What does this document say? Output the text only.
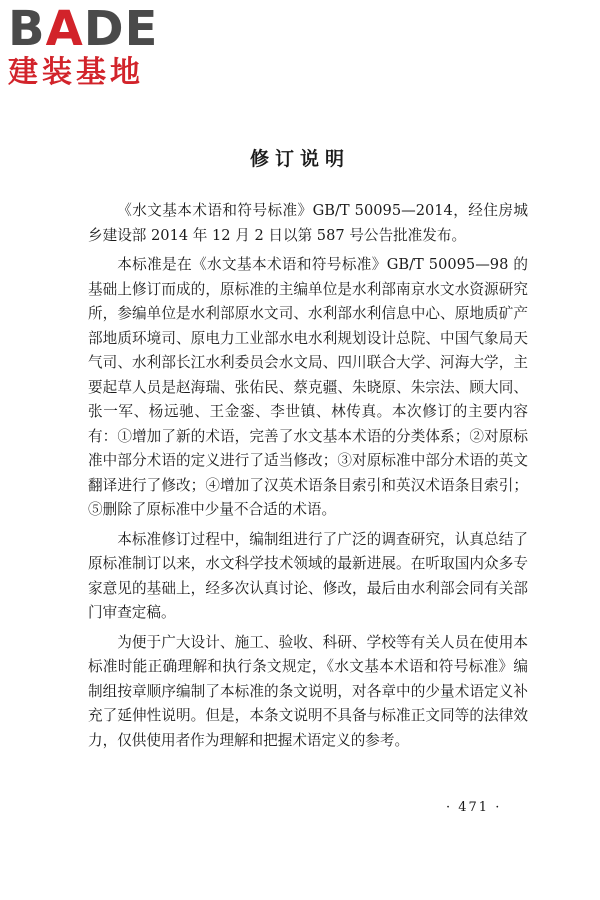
BADE
建装基地
修订说明

《水文基本术语和符号标准》GB/T 50095—2014，经住房城乡建设部 2014 年 12 月 2 日以第 587 号公告批准发布。

本标准是在《水文基本术语和符号标准》GB/T 50095—98 的基础上修订而成的，原标准的主编单位是水利部南京水文水资源研究所，参编单位是水利部原水文司、水利部水利信息中心、原地质矿产部地质环境司、原电力工业部水电水利规划设计总院、中国气象局天气司、水利部长江水利委员会水文局、四川联合大学、河海大学，主要起草人员是赵海瑞、张佑民、蔡克疆、朱晓原、朱宗法、顾大同、张一军、杨远驰、王金銮、李世镇、林传真。本次修订的主要内容有：①增加了新的术语，完善了水文基本术语的分类体系；②对原标准中部分术语的定义进行了适当修改；③对原标准中部分术语的英文翻译进行了修改；④增加了汉英术语条目索引和英汉术语条目索引；⑤删除了原标准中少量不合适的术语。

本标准修订过程中，编制组进行了广泛的调查研究，认真总结了原标准制订以来，水文科学技术领域的最新进展。在听取国内众多专家意见的基础上，经多次认真讨论、修改，最后由水利部会同有关部门审查定稿。

为便于广大设计、施工、验收、科研、学校等有关人员在使用本标准时能正确理解和执行条文规定，《水文基本术语和符号标准》编制组按章顺序编制了本标准的条文说明，对各章中的少量术语定义补充了延伸性说明。但是，本条文说明不具备与标准正文同等的法律效力，仅供使用者作为理解和把握术语定义的参考。

· 471 ·
